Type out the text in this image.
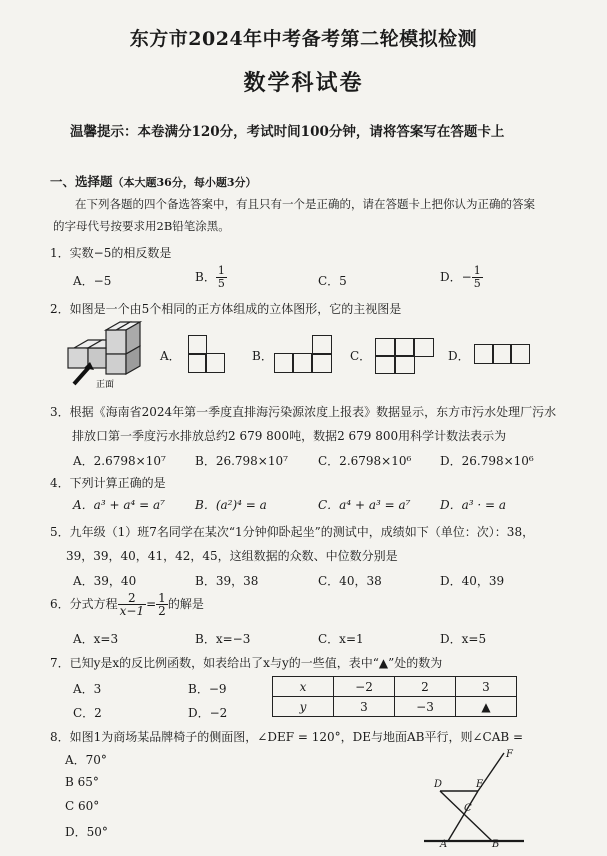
东方市2024年中考备考第二轮模拟检测
数学科试卷
温馨提示：本卷满分120分，考试时间100分钟，请将答案写在答题卡上
一、选择题（本大题36分，每小题3分）
在下列各题的四个备选答案中，有且只有一个是正确的，请在答题卡上把你认为正确的答案
的字母代号按要求用2B铅笔涂黑。
1．实数−5的相反数是
A．−5	B． $\frac{1}{5}$	C．5	D．− $\frac{1}{5}$
2．如图是一个由5个相同的正方体组成的立体图形，它的主视图是
正面
A．	B．	C．	D．
3．根据《海南省2024年第一季度直排海污染源浓度上报表》数据显示，东方市污水处理厂污水
排放口第一季度污水排放总约2 679 800吨，数据2 679 800用科学计数法表示为
A．2.6798×10⁷ B．26.798×10⁷	C．2.6798×10⁶ D．26.798×10⁶
4．下列计算正确的是
A．a³ + a⁴ = a⁷	B．(a²)⁴ = a	C．a⁴ + a³ = a⁷ D．a³ · = a
5．九年级（1）班7名同学在某次“1分钟仰卧起坐”的测试中，成绩如下（单位：次）：38，
39，39，40，41，42，45，这组数据的众数、中位数分别是
A．39，40	B．39，38	C．40，38	D．40，39
6．分式方程 $\frac{2}{x-1} = \frac{1}{2}$ 的解是
A．x=3	B．x=−3	C．x=1	D．x=5
7．已知y是x的反比例函数，如表给出了x与y的一些值，表中“▲”处的数为
A．3	B．−9
C．2	D．−2
x	−2	2	3
y	3	−3	▲
8．如图1为商场某品牌椅子的侧面图，∠DEF = 120°，DE与地面AB平行，则∠CAB =
A．70°
B 65°
C 60°
D．50°
D	E
F
C
A	B
